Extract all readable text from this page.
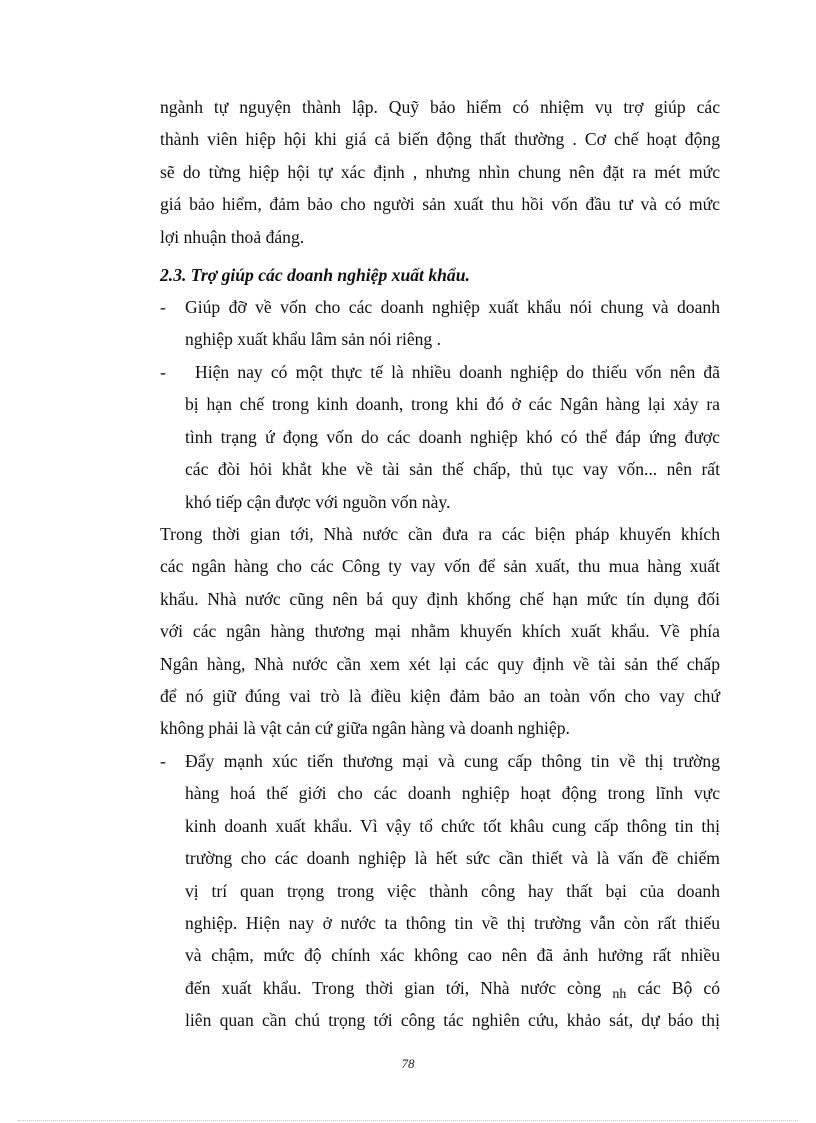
ngành tự nguyện thành lập. Quỹ bảo hiểm có nhiệm vụ trợ giúp các
thành viên hiệp hội khi giá cả biến động thất thường . Cơ chế hoạt động
sẽ do từng hiệp hội tự xác định , nhưng nhìn chung nên đặt ra mét mức
giá bảo hiểm, đảm bảo cho người sản xuất thu hồi vốn đầu tư và có mức
lợi nhuận thoả đáng.
2.3. Trợ giúp các doanh nghiệp xuất khẩu.
-	Giúp đỡ về vốn cho các doanh nghiệp xuất khẩu nói chung và doanh
nghiệp xuất khẩu lâm sản nói riêng .
-	Hiện nay có một thực tế là nhiều doanh nghiệp do thiếu vốn nên đã
bị hạn chế trong kinh doanh, trong khi đó ở các Ngân hàng lại xảy ra
tình trạng ứ đọng vốn do các doanh nghiệp khó có thể đáp ứng được
các đòi hỏi khắt khe về tài sản thế chấp, thủ tục vay vốn... nên rất
khó tiếp cận được với nguồn vốn này.
Trong thời gian tới, Nhà nước cần đưa ra các biện pháp khuyến khích
các ngân hàng cho các Công ty vay vốn để sản xuất, thu mua hàng xuất
khẩu. Nhà nước cũng nên bá quy định khống chế hạn mức tín dụng đối
với các ngân hàng thương mại nhằm khuyến khích xuất khẩu. Về phía
Ngân hàng, Nhà nước cần xem xét lại các quy định về tài sản thế chấp
để nó giữ đúng vai trò là điều kiện đảm bảo an toàn vốn cho vay chứ
không phải là vật cản cứ giữa ngân hàng và doanh nghiệp.
-	Đẩy mạnh xúc tiến thương mại và cung cấp thông tin về thị trường
hàng hoá thế giới cho các doanh nghiệp hoạt động trong lĩnh vực
kinh doanh xuất khẩu. Vì vậy tổ chức tốt khâu cung cấp thông tin thị
trường cho các doanh nghiệp là hết sức cần thiết và là vấn đề chiếm
vị trí quan trọng trong việc thành công hay thất bại của doanh
nghiệp. Hiện nay ở nước ta thông tin về thị trường vẫn còn rất thiếu
và chậm, mức độ chính xác không cao nên đã ảnh hưởng rất nhiều
đến xuất khẩu. Trong thời gian tới, Nhà nước còng $_{nh}$ các Bộ có
liên quan cần chú trọng tới công tác nghiên cứu, khảo sát, dự báo thị
78
